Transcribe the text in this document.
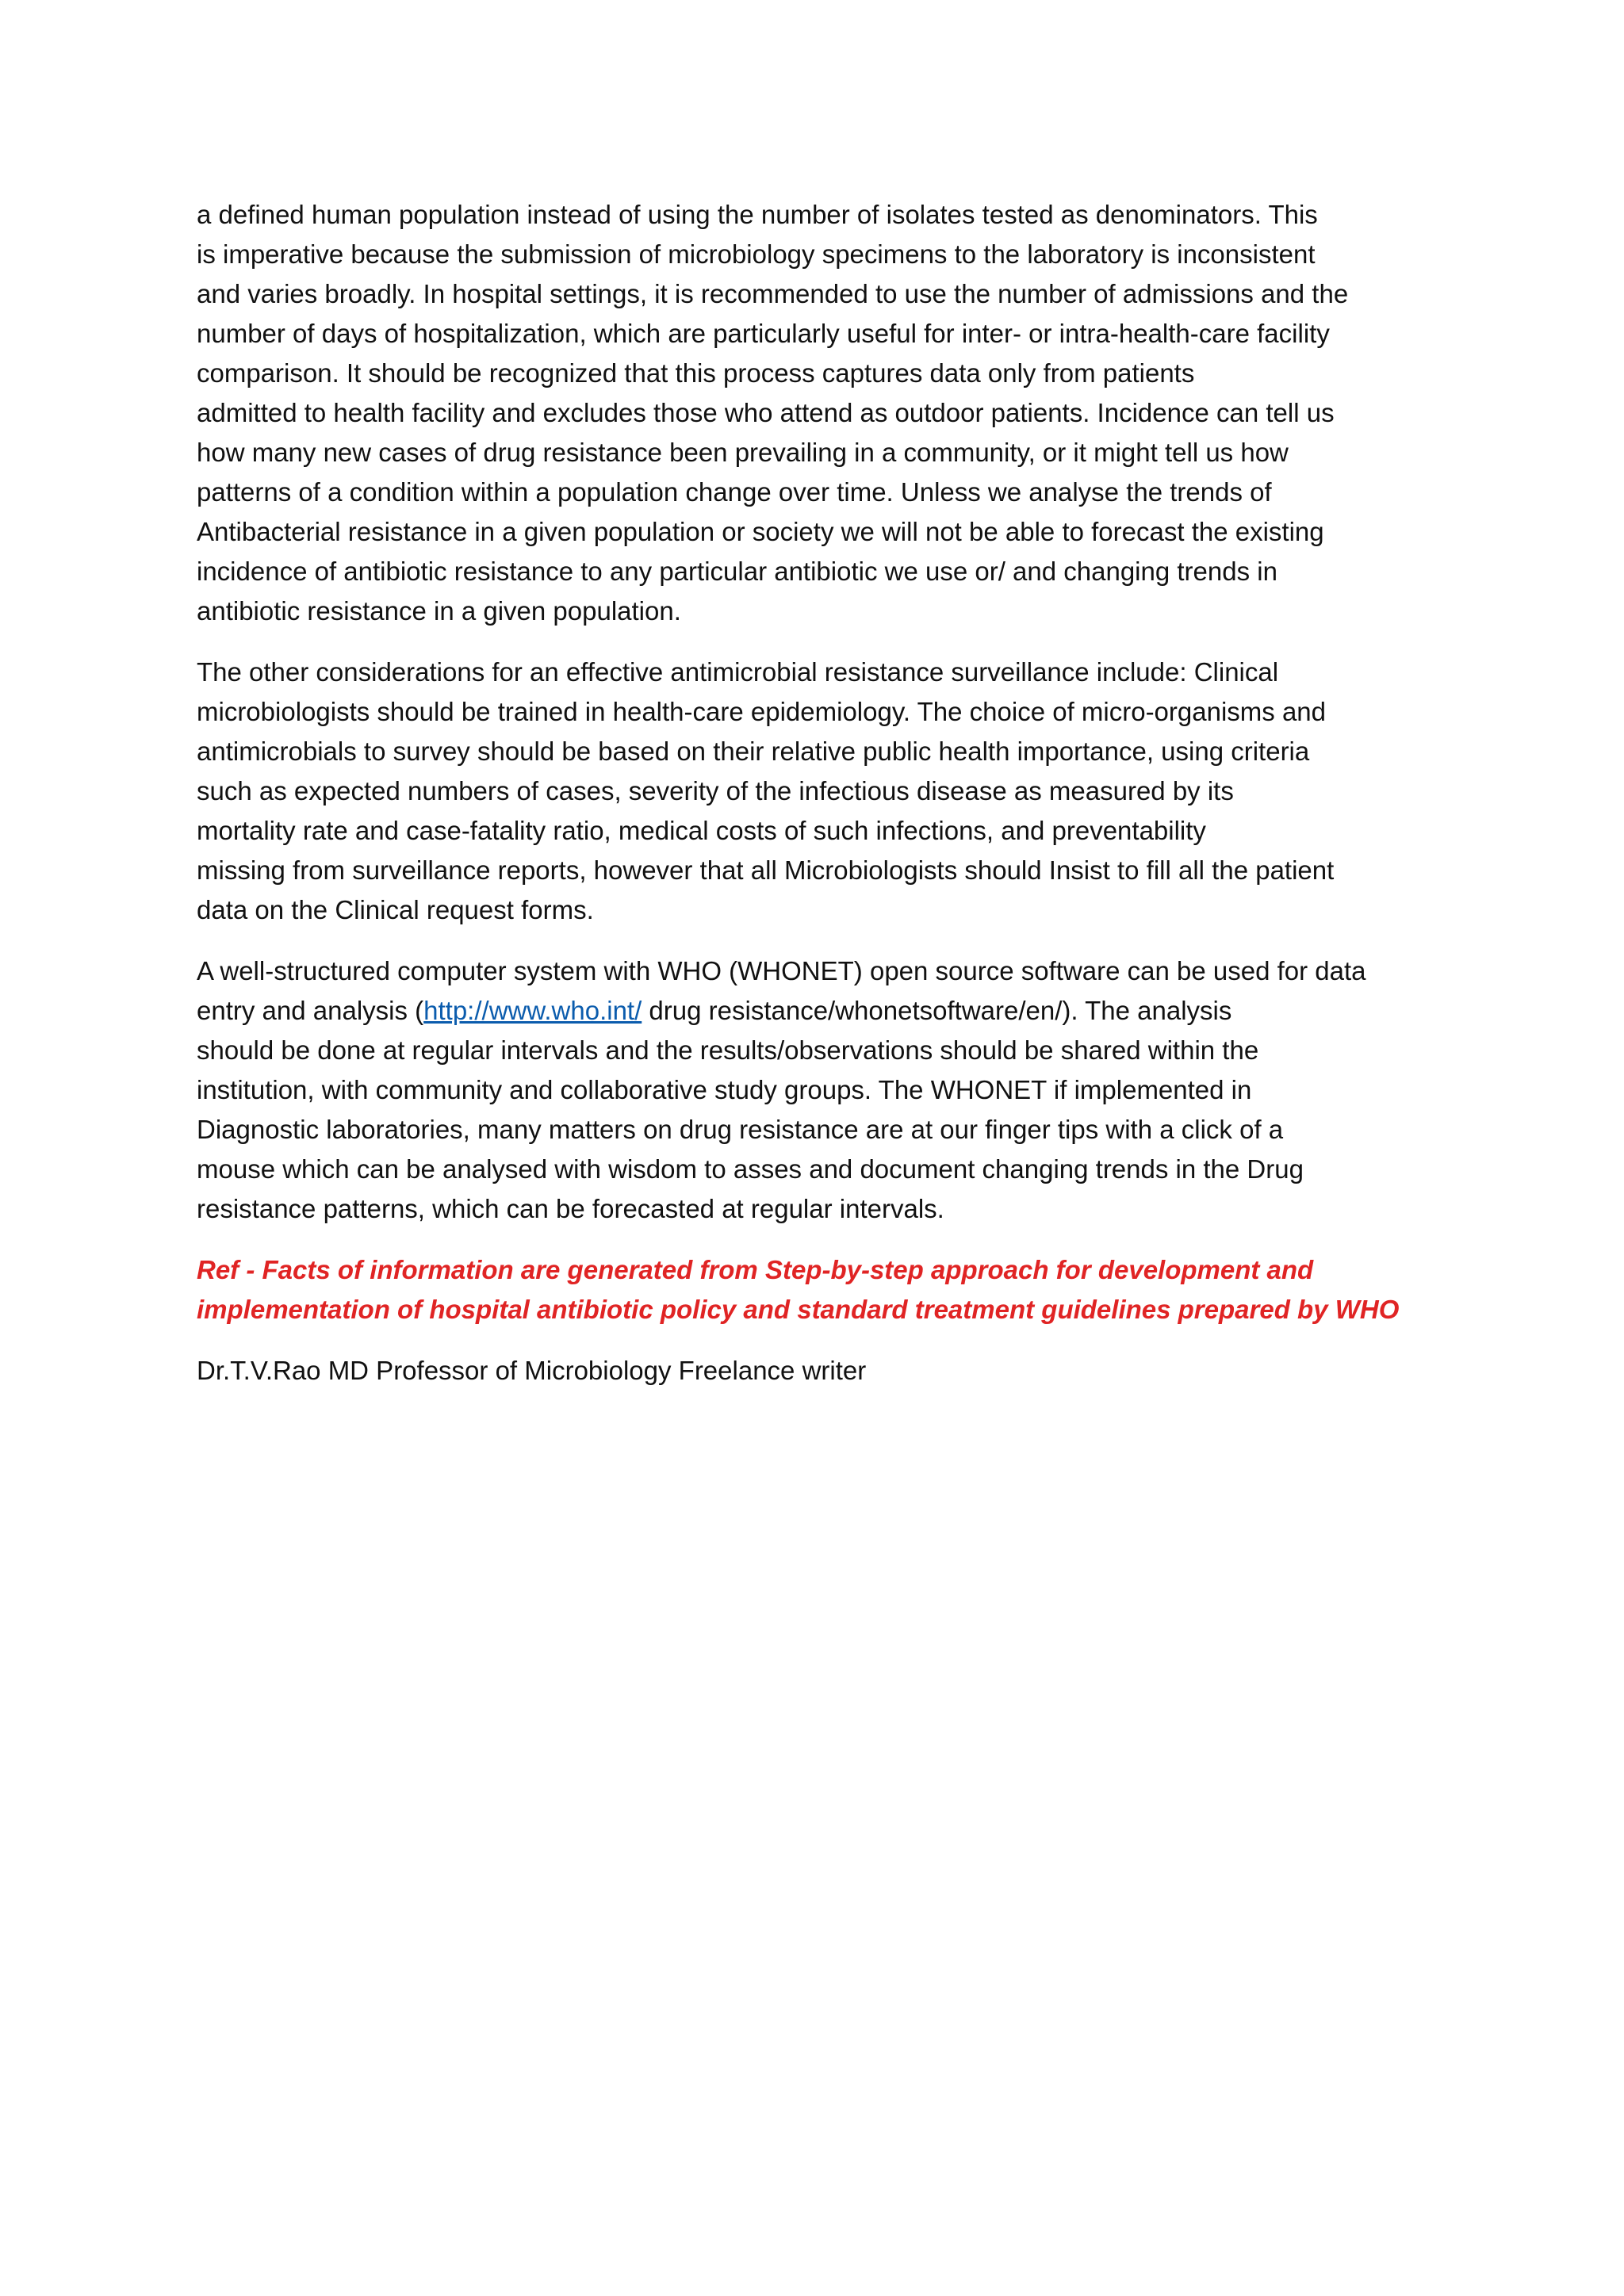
a defined human population instead of using the number of isolates tested as denominators. This
is imperative because the submission of microbiology specimens to the laboratory is inconsistent
and varies broadly. In hospital settings, it is recommended to use the number of admissions and the
number of days of hospitalization, which are particularly useful for inter- or intra-health-care facility
comparison. It should be recognized that this process captures data only from patients
admitted to health facility and excludes those who attend as outdoor patients. Incidence can tell us
how many new cases of drug resistance been prevailing in a community, or it might tell us how
patterns of a condition within a population change over time. Unless we analyse the trends of
Antibacterial resistance in a given population or society we will not be able to forecast the existing
incidence of antibiotic resistance to any particular antibiotic we use or/ and changing trends in
antibiotic resistance in a given population.

The other considerations for an effective antimicrobial resistance surveillance include: Clinical
microbiologists should be trained in health-care epidemiology. The choice of micro-organisms and
antimicrobials to survey should be based on their relative public health importance, using criteria
such as expected numbers of cases, severity of the infectious disease as measured by its
mortality rate and case-fatality ratio, medical costs of such infections, and preventability
missing from surveillance reports, however that all Microbiologists should Insist to fill all the patient
data on the Clinical request forms.

A well-structured computer system with WHO (WHONET) open source software can be used for data
entry and analysis (http://www.who.int/ drug resistance/whonetsoftware/en/). The analysis
should be done at regular intervals and the results/observations should be shared within the
institution, with community and collaborative study groups. The WHONET if implemented in
Diagnostic laboratories, many matters on drug resistance are at our finger tips with a click of a
mouse which can be analysed with wisdom to asses and document changing trends in the Drug
resistance patterns, which can be forecasted at regular intervals.

Ref - Facts of information are generated from Step-by-step approach for development and
implementation of hospital antibiotic policy and standard treatment guidelines prepared by WHO

Dr.T.V.Rao MD Professor of Microbiology Freelance writer
